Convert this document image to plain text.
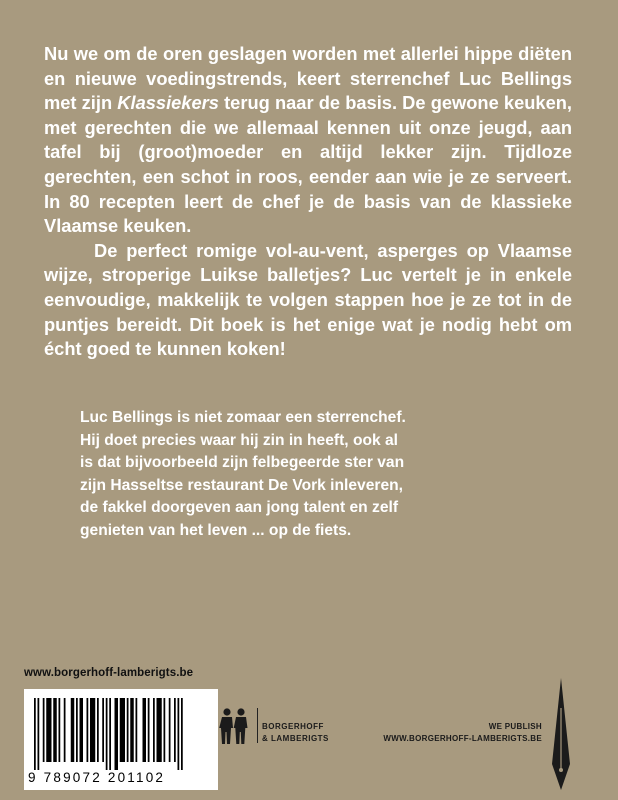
Nu we om de oren geslagen worden met allerlei hippe diëten en nieuwe voedingstrends, keert sterrenchef Luc Bellings met zijn Klassiekers terug naar de basis. De gewone keuken, met gerechten die we allemaal kennen uit onze jeugd, aan tafel bij (groot)moeder en altijd lekker zijn. Tijdloze gerechten, een schot in roos, eender aan wie je ze serveert. In 80 recepten leert de chef je de basis van de klassieke Vlaamse keuken.

De perfect romige vol-au-vent, asperges op Vlaamse wijze, stroperige Luikse balletjes? Luc vertelt je in enkele eenvoudige, makkelijk te volgen stappen hoe je ze tot in de puntjes bereidt. Dit boek is het enige wat je nodig hebt om écht goed te kunnen koken!

Luc Bellings is niet zomaar een sterrenchef.

Hij doet precies waar hij zin in heeft, ook al

is dat bijvoorbeeld zijn felbegeerde ster van

zijn Hasseltse restaurant De Vork inleveren,

de fakkel doorgeven aan jong talent en zelf

genieten van het leven ... op de fiets.

www.borgerhoff-lamberigts.be
9 789072 201102
BORGERHOFF
& LAMBERIGTS
WE PUBLISH
WWW.BORGERHOFF-LAMBERIGTS.BE
